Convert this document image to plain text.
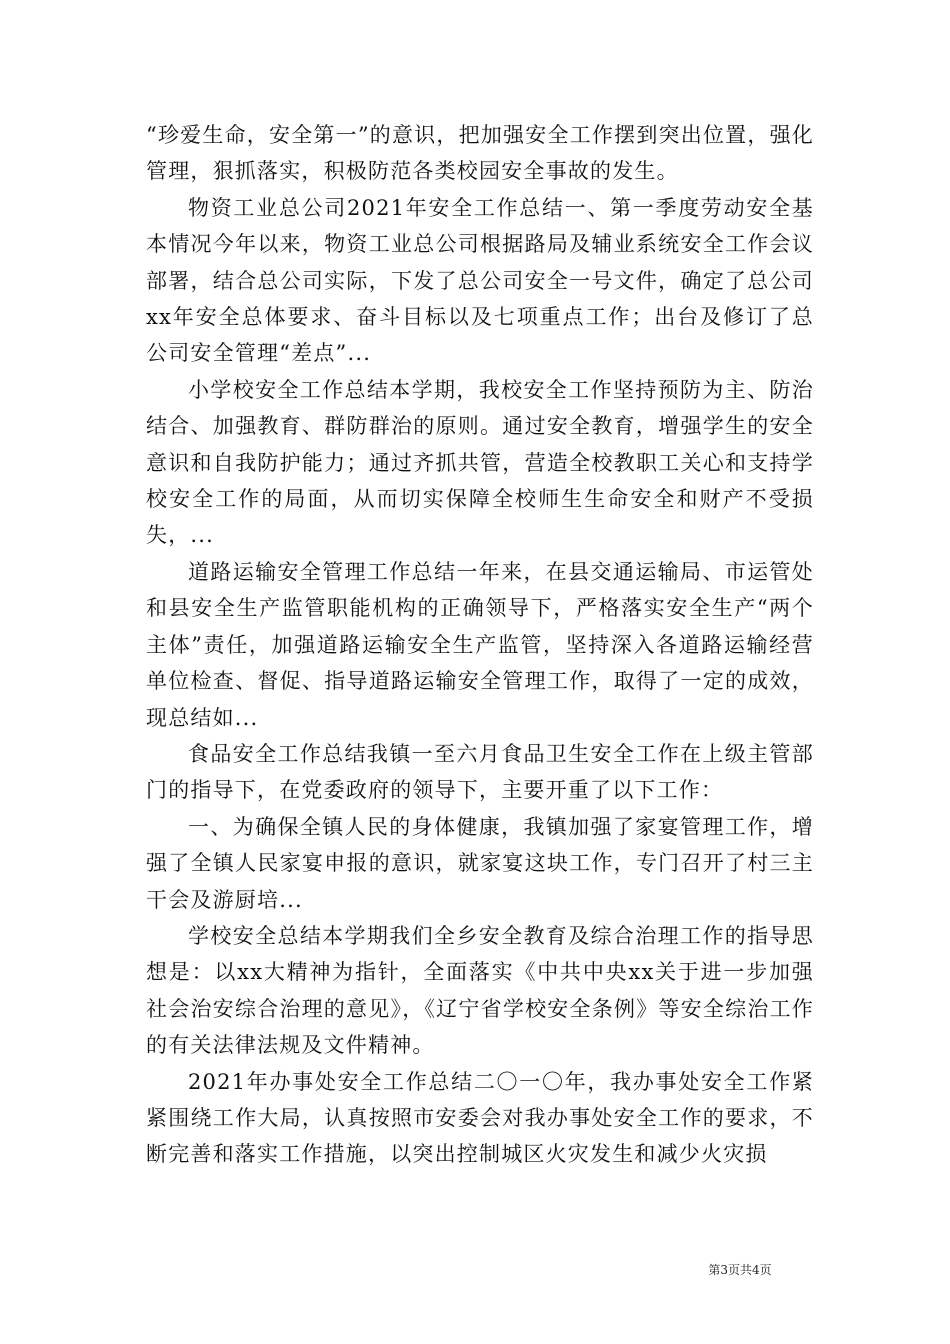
“珍爱生命，安全第一”的意识，把加强安全工作摆到突出位置，强化管理，狠抓落实，积极防范各类校园安全事故的发生。

物资工业总公司2021年安全工作总结一、第一季度劳动安全基本情况今年以来，物资工业总公司根据路局及辅业系统安全工作会议部署，结合总公司实际，下发了总公司安全一号文件，确定了总公司xx年安全总体要求、奋斗目标以及七项重点工作；出台及修订了总公司安全管理“差点”...

小学校安全工作总结本学期，我校安全工作坚持预防为主、防治结合、加强教育、群防群治的原则。通过安全教育，增强学生的安全意识和自我防护能力；通过齐抓共管，营造全校教职工关心和支持学校安全工作的局面，从而切实保障全校师生生命安全和财产不受损失，...

道路运输安全管理工作总结一年来，在县交通运输局、市运管处和县安全生产监管职能机构的正确领导下，严格落实安全生产“两个主体”责任，加强道路运输安全生产监管，坚持深入各道路运输经营单位检查、督促、指导道路运输安全管理工作，取得了一定的成效，现总结如...

食品安全工作总结我镇一至六月食品卫生安全工作在上级主管部门的指导下，在党委政府的领导下，主要开重了以下工作：

一、为确保全镇人民的身体健康，我镇加强了家宴管理工作，增强了全镇人民家宴申报的意识，就家宴这块工作，专门召开了村三主干会及游厨培...

学校安全总结本学期我们全乡安全教育及综合治理工作的指导思想是：以xx大精神为指针，全面落实《中共中央xx关于进一步加强社会治安综合治理的意见》，《辽宁省学校安全条例》等安全综治工作的有关法律法规及文件精神。

2021年办事处安全工作总结二〇一〇年，我办事处安全工作紧紧围绕工作大局，认真按照市安委会对我办事处安全工作的要求，不断完善和落实工作措施，以突出控制城区火灾发生和减少火灾损

第3页共4页
